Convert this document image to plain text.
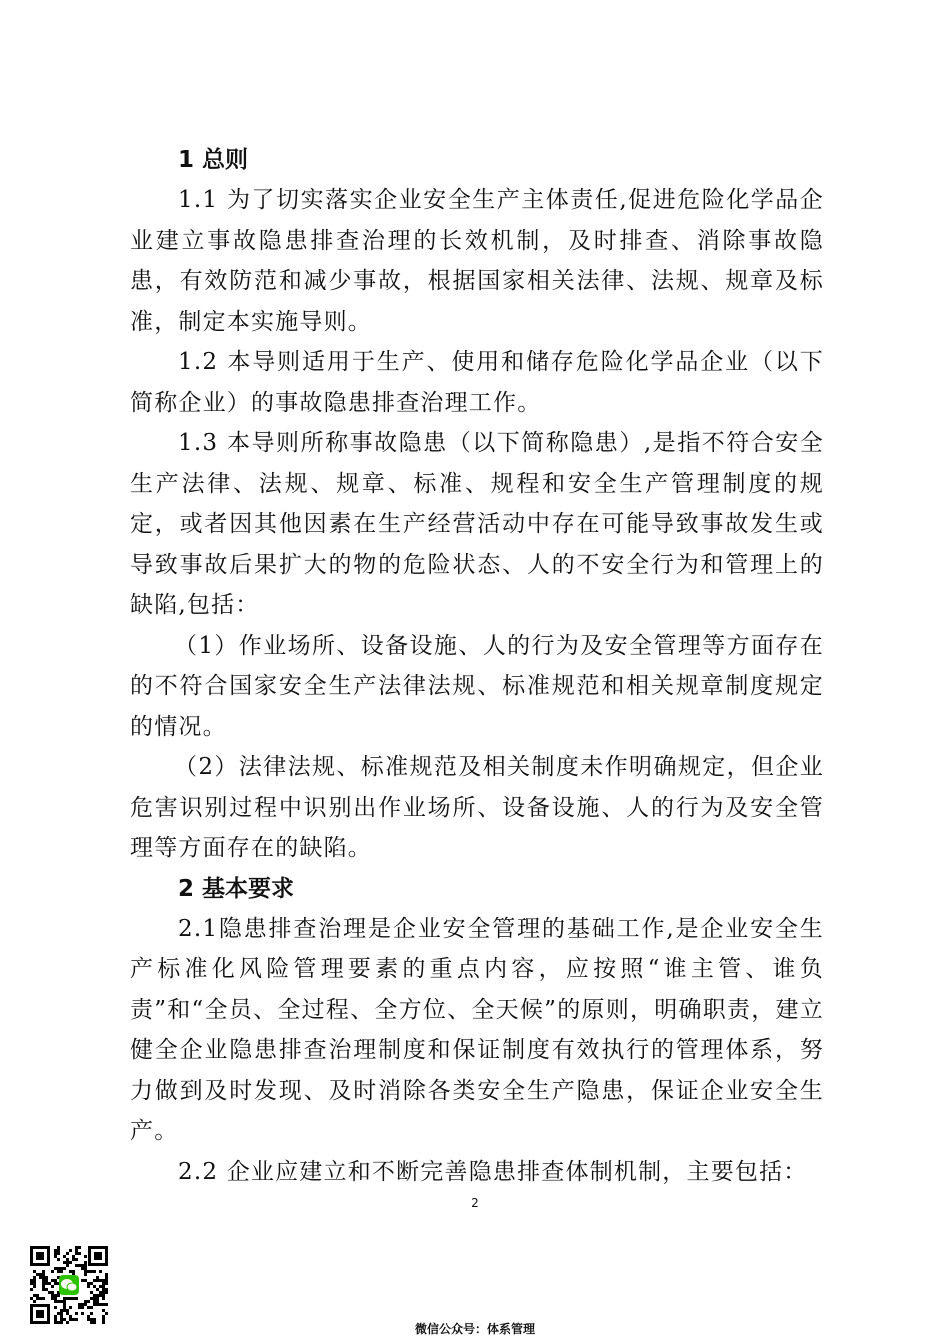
1 总则

1.1 为了切实落实企业安全生产主体责任,促进危险化学品企业建立事故隐患排查治理的长效机制，及时排查、消除事故隐患，有效防范和减少事故，根据国家相关法律、法规、规章及标准，制定本实施导则。

1.2 本导则适用于生产、使用和储存危险化学品企业（以下简称企业）的事故隐患排查治理工作。

1.3 本导则所称事故隐患（以下简称隐患）,是指不符合安全生产法律、法规、规章、标准、规程和安全生产管理制度的规定，或者因其他因素在生产经营活动中存在可能导致事故发生或导致事故后果扩大的物的危险状态、人的不安全行为和管理上的缺陷,包括：

（1）作业场所、设备设施、人的行为及安全管理等方面存在的不符合国家安全生产法律法规、标准规范和相关规章制度规定的情况。

（2）法律法规、标准规范及相关制度未作明确规定，但企业危害识别过程中识别出作业场所、设备设施、人的行为及安全管理等方面存在的缺陷。

2 基本要求

2.1隐患排查治理是企业安全管理的基础工作,是企业安全生产标准化风险管理要素的重点内容，应按照“谁主管、谁负责”和“全员、全过程、全方位、全天候”的原则，明确职责，建立健全企业隐患排查治理制度和保证制度有效执行的管理体系，努力做到及时发现、及时消除各类安全生产隐患，保证企业安全生产。

2.2 企业应建立和不断完善隐患排查体制机制，主要包括：

2
微信公众号：体系管理
